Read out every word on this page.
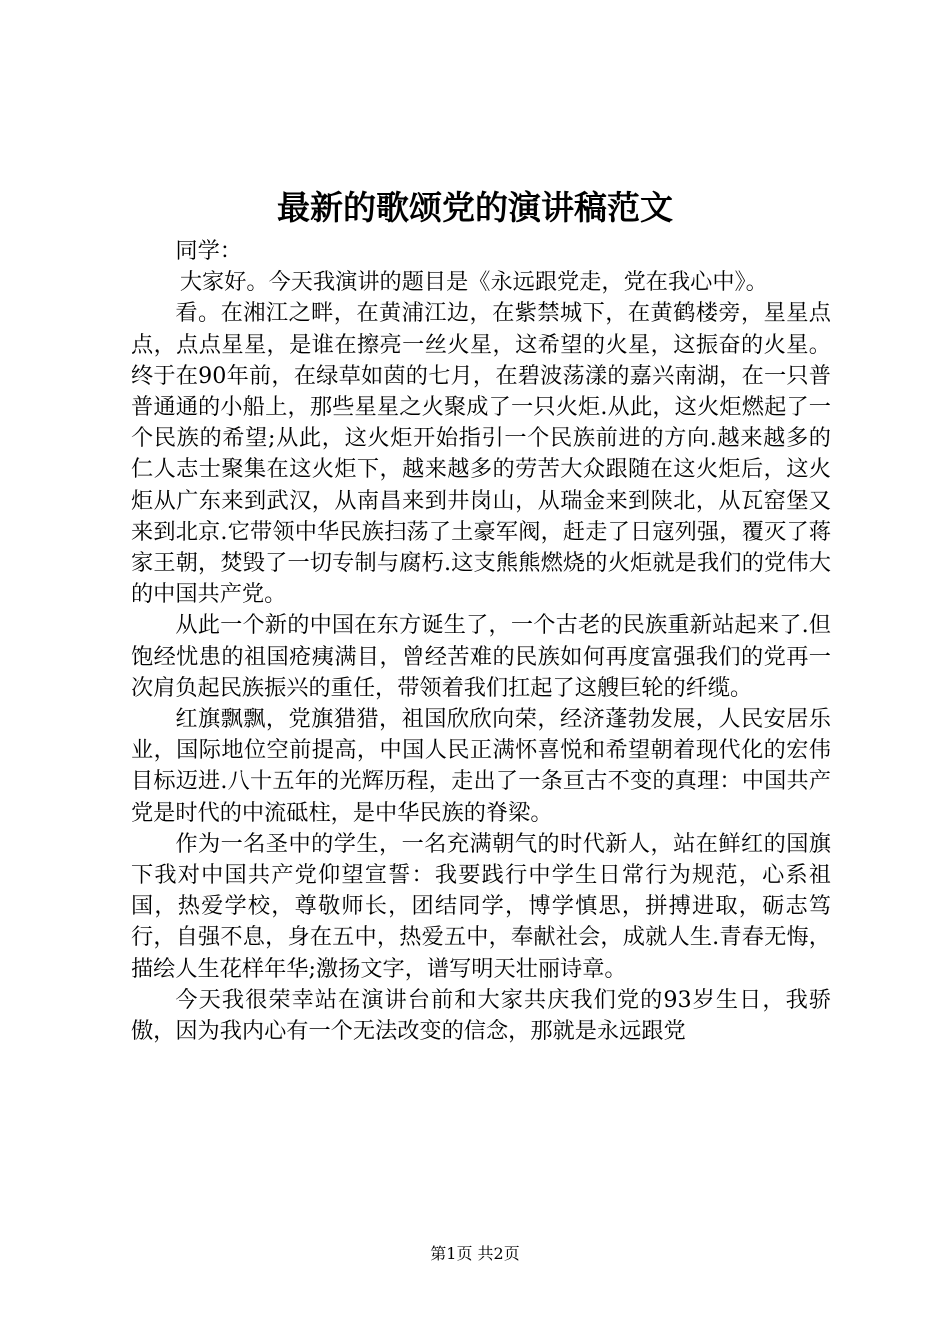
最新的歌颂党的演讲稿范文

同学：

大家好。今天我演讲的题目是《永远跟党走，党在我心中》。

看。在湘江之畔，在黄浦江边，在紫禁城下，在黄鹤楼旁，星星点点，点点星星，是谁在擦亮一丝火星，这希望的火星，这振奋的火星。终于在90年前，在绿草如茵的七月，在碧波荡漾的嘉兴南湖，在一只普普通通的小船上，那些星星之火聚成了一只火炬.从此，这火炬燃起了一个民族的希望;从此，这火炬开始指引一个民族前进的方向.越来越多的仁人志士聚集在这火炬下，越来越多的劳苦大众跟随在这火炬后，这火炬从广东来到武汉，从南昌来到井岗山，从瑞金来到陕北，从瓦窑堡又来到北京.它带领中华民族扫荡了土豪军阀，赶走了日寇列强，覆灭了蒋家王朝，焚毁了一切专制与腐朽.这支熊熊燃烧的火炬就是我们的党伟大的中国共产党。

从此一个新的中国在东方诞生了，一个古老的民族重新站起来了.但饱经忧患的祖国疮痍满目，曾经苦难的民族如何再度富强我们的党再一次肩负起民族振兴的重任，带领着我们扛起了这艘巨轮的纤缆。

红旗飘飘，党旗猎猎，祖国欣欣向荣，经济蓬勃发展，人民安居乐业，国际地位空前提高，中国人民正满怀喜悦和希望朝着现代化的宏伟目标迈进.八十五年的光辉历程，走出了一条亘古不变的真理：中国共产党是时代的中流砥柱，是中华民族的脊梁。

作为一名圣中的学生，一名充满朝气的时代新人，站在鲜红的国旗下我对中国共产党仰望宣誓：我要践行中学生日常行为规范，心系祖国，热爱学校，尊敬师长，团结同学，博学慎思，拼搏进取，砺志笃行，自强不息，身在五中，热爱五中，奉献社会，成就人生.青春无悔，描绘人生花样年华;激扬文字，谱写明天壮丽诗章。

今天我很荣幸站在演讲台前和大家共庆我们党的93岁生日，我骄傲，因为我内心有一个无法改变的信念，那就是永远跟党

第1页 共2页
